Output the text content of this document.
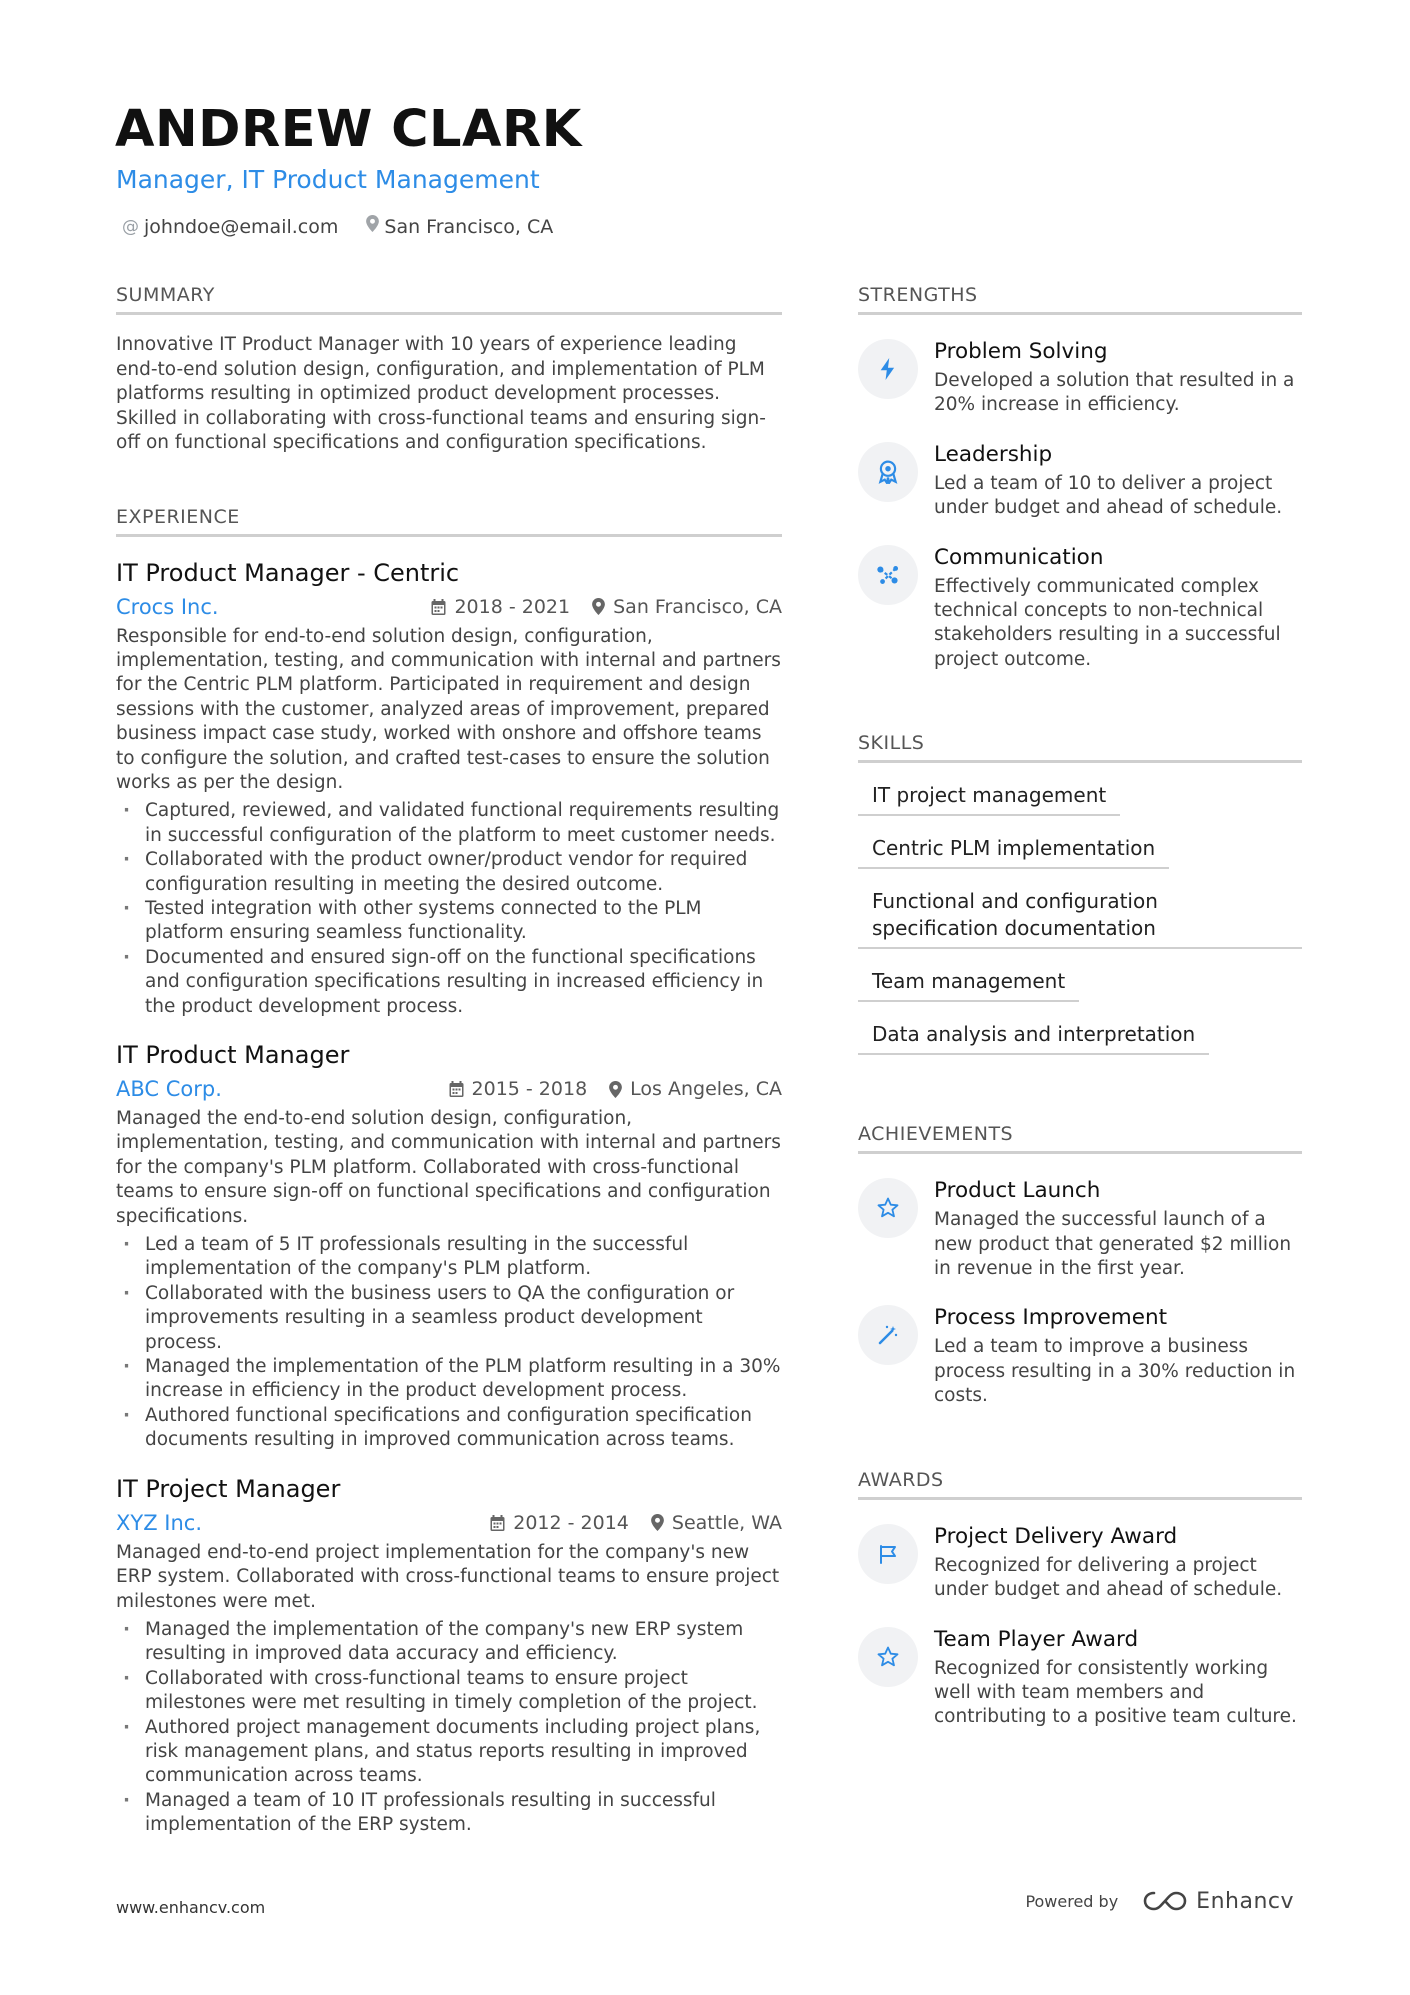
ANDREW CLARK
Manager, IT Product Management
@ johndoe@email.com San Francisco, CA
SUMMARY
Innovative IT Product Manager with 10 years of experience leading end-to-end solution design, configuration, and implementation of PLM platforms resulting in optimized product development processes. Skilled in collaborating with cross-functional teams and ensuring sign-off on functional specifications and configuration specifications.
EXPERIENCE
IT Product Manager - Centric
Crocs Inc.	2018 - 2021 San Francisco, CA
Responsible for end-to-end solution design, configuration, implementation, testing, and communication with internal and partners for the Centric PLM platform. Participated in requirement and design sessions with the customer, analyzed areas of improvement, prepared business impact case study, worked with onshore and offshore teams to configure the solution, and crafted test-cases to ensure the solution works as per the design.
· Captured, reviewed, and validated functional requirements resulting in successful configuration of the platform to meet customer needs.
· Collaborated with the product owner/product vendor for required configuration resulting in meeting the desired outcome.
· Tested integration with other systems connected to the PLM platform ensuring seamless functionality.
· Documented and ensured sign-off on the functional specifications and configuration specifications resulting in increased efficiency in the product development process.
IT Product Manager
ABC Corp.	2015 - 2018 Los Angeles, CA
Managed the end-to-end solution design, configuration, implementation, testing, and communication with internal and partners for the company's PLM platform. Collaborated with cross-functional teams to ensure sign-off on functional specifications and configuration specifications.
· Led a team of 5 IT professionals resulting in the successful implementation of the company's PLM platform.
· Collaborated with the business users to QA the configuration or improvements resulting in a seamless product development process.
· Managed the implementation of the PLM platform resulting in a 30% increase in efficiency in the product development process.
· Authored functional specifications and configuration specification documents resulting in improved communication across teams.
IT Project Manager
XYZ Inc.	2012 - 2014 Seattle, WA
Managed end-to-end project implementation for the company's new ERP system. Collaborated with cross-functional teams to ensure project milestones were met.
· Managed the implementation of the company's new ERP system resulting in improved data accuracy and efficiency.
· Collaborated with cross-functional teams to ensure project milestones were met resulting in timely completion of the project.
· Authored project management documents including project plans, risk management plans, and status reports resulting in improved communication across teams.
· Managed a team of 10 IT professionals resulting in successful implementation of the ERP system.
STRENGTHS
Problem Solving
Developed a solution that resulted in a 20% increase in efficiency.
Leadership
Led a team of 10 to deliver a project under budget and ahead of schedule.
Communication
Effectively communicated complex technical concepts to non-technical stakeholders resulting in a successful project outcome.
SKILLS
IT project management
Centric PLM implementation
Functional and configuration specification documentation
Team management
Data analysis and interpretation
ACHIEVEMENTS
Product Launch
Managed the successful launch of a new product that generated $2 million in revenue in the first year.
Process Improvement
Led a team to improve a business process resulting in a 30% reduction in costs.
AWARDS
Project Delivery Award
Recognized for delivering a project under budget and ahead of schedule.
Team Player Award
Recognized for consistently working well with team members and contributing to a positive team culture.
www.enhancv.com	Powered by	Enhancv
